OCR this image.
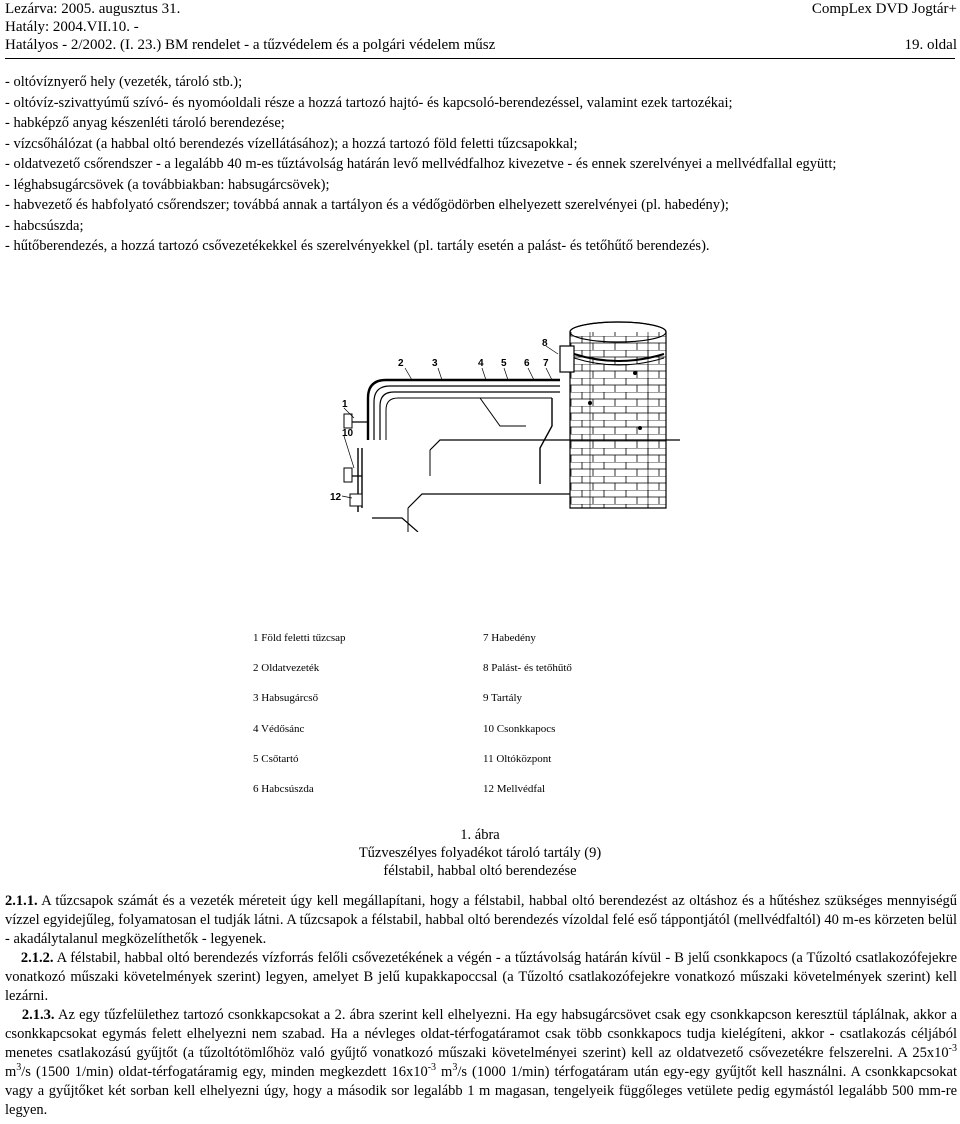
Lezárva: 2005. augusztus 31.
Hatály: 2004.VII.10. -
Hatályos - 2/2002. (I. 23.) BM rendelet - a tűzvédelem és a polgári védelem műsz
CompLex DVD Jogtár+
19. oldal
- oltóvíznyerő hely (vezeték, tároló stb.);
- oltóvíz-szivattyúmű szívó- és nyomóoldali része a hozzá tartozó hajtó- és kapcsoló-berendezéssel, valamint ezek tartozékai;
- habképző anyag készenléti tároló berendezése;
- vízcsőhálózat (a habbal oltó berendezés vízellátásához); a hozzá tartozó föld feletti tűzcsapokkal;
- oldatvezető csőrendszer - a legalább 40 m-es tűztávolság határán levő mellvédfalhoz kivezetve - és ennek szerelvényei a mellvédfallal együtt;
- léghabsugárcsövek (a továbbiakban: habsugárcsövek);
- habvezető és habfolyató csőrendszer; továbbá annak a tartályon és a védőgödörben elhelyezett szerelvényei (pl. habedény);
- habcsúszda;
- hűtőberendezés, a hozzá tartozó csővezetékekkel és szerelvényekkel (pl. tartály esetén a palást- és tetőhűtő berendezés).
1
2	3	4 5 6 7
8
10
12
1 Föld feletti tűzcsap
2 Oldatvezeték
3 Habsugárcső
4 Védősánc
5 Csőtartó
6 Habcsúszda
7 Habedény
8 Palást- és tetőhűtő
9 Tartály
10 Csonkkapocs
11 Oltóközpont
12 Mellvédfal
1. ábra
Tűzveszélyes folyadékot tároló tartály (9)
félstabil, habbal oltó berendezése

2.1.1. A tűzcsapok számát és a vezeték méreteit úgy kell megállapítani, hogy a félstabil, habbal oltó berendezést az oltáshoz és a hűtéshez szükséges mennyiségű vízzel egyidejűleg, folyamatosan el tudják látni. A tűzcsapok a félstabil, habbal oltó berendezés vízoldal felé eső táppontjától (mellvédfaltól) 40 m-es körzeten belül - akadálytalanul megközelíthetők - legyenek.

2.1.2. A félstabil, habbal oltó berendezés vízforrás felőli csővezetékének a végén - a tűztávolság határán kívül - B jelű csonkkapocs (a Tűzoltó csatlakozófejekre vonatkozó műszaki követelmények szerint) legyen, amelyet B jelű kupakkapoccsal (a Tűzoltó csatlakozófejekre vonatkozó műszaki követelmények szerint) kell lezárni.

2.1.3. Az egy tűzfelülethez tartozó csonkkapcsokat a 2. ábra szerint kell elhelyezni. Ha egy habsugárcsövet csak egy csonkkapcson keresztül táplálnak, akkor a csonkkapcsokat egymás felett elhelyezni nem szabad. Ha a névleges oldat-térfogatáramot csak több csonkkapocs tudja kielégíteni, akkor - csatlakozás céljából menetes csatlakozású gyűjtőt (a tűzoltótömlőhöz való gyűjtő vonatkozó műszaki követelményei szerint) kell az oldatvezető csővezetékre felszerelni. A $25x10^{-3}$ $m^3/s$ (1500 1/min) oldat-térfogatáramig egy, minden megkezdett $16x10^{-3}$ $m^3/s$ (1000 1/min) térfogatáram után egy-egy gyűjtőt kell használni. A csonkkapcsokat vagy a gyűjtőket két sorban kell elhelyezni úgy, hogy a második sor legalább 1 m magasan, tengelyeik függőleges vetülete pedig egymástól legalább 500 mm-re legyen.
